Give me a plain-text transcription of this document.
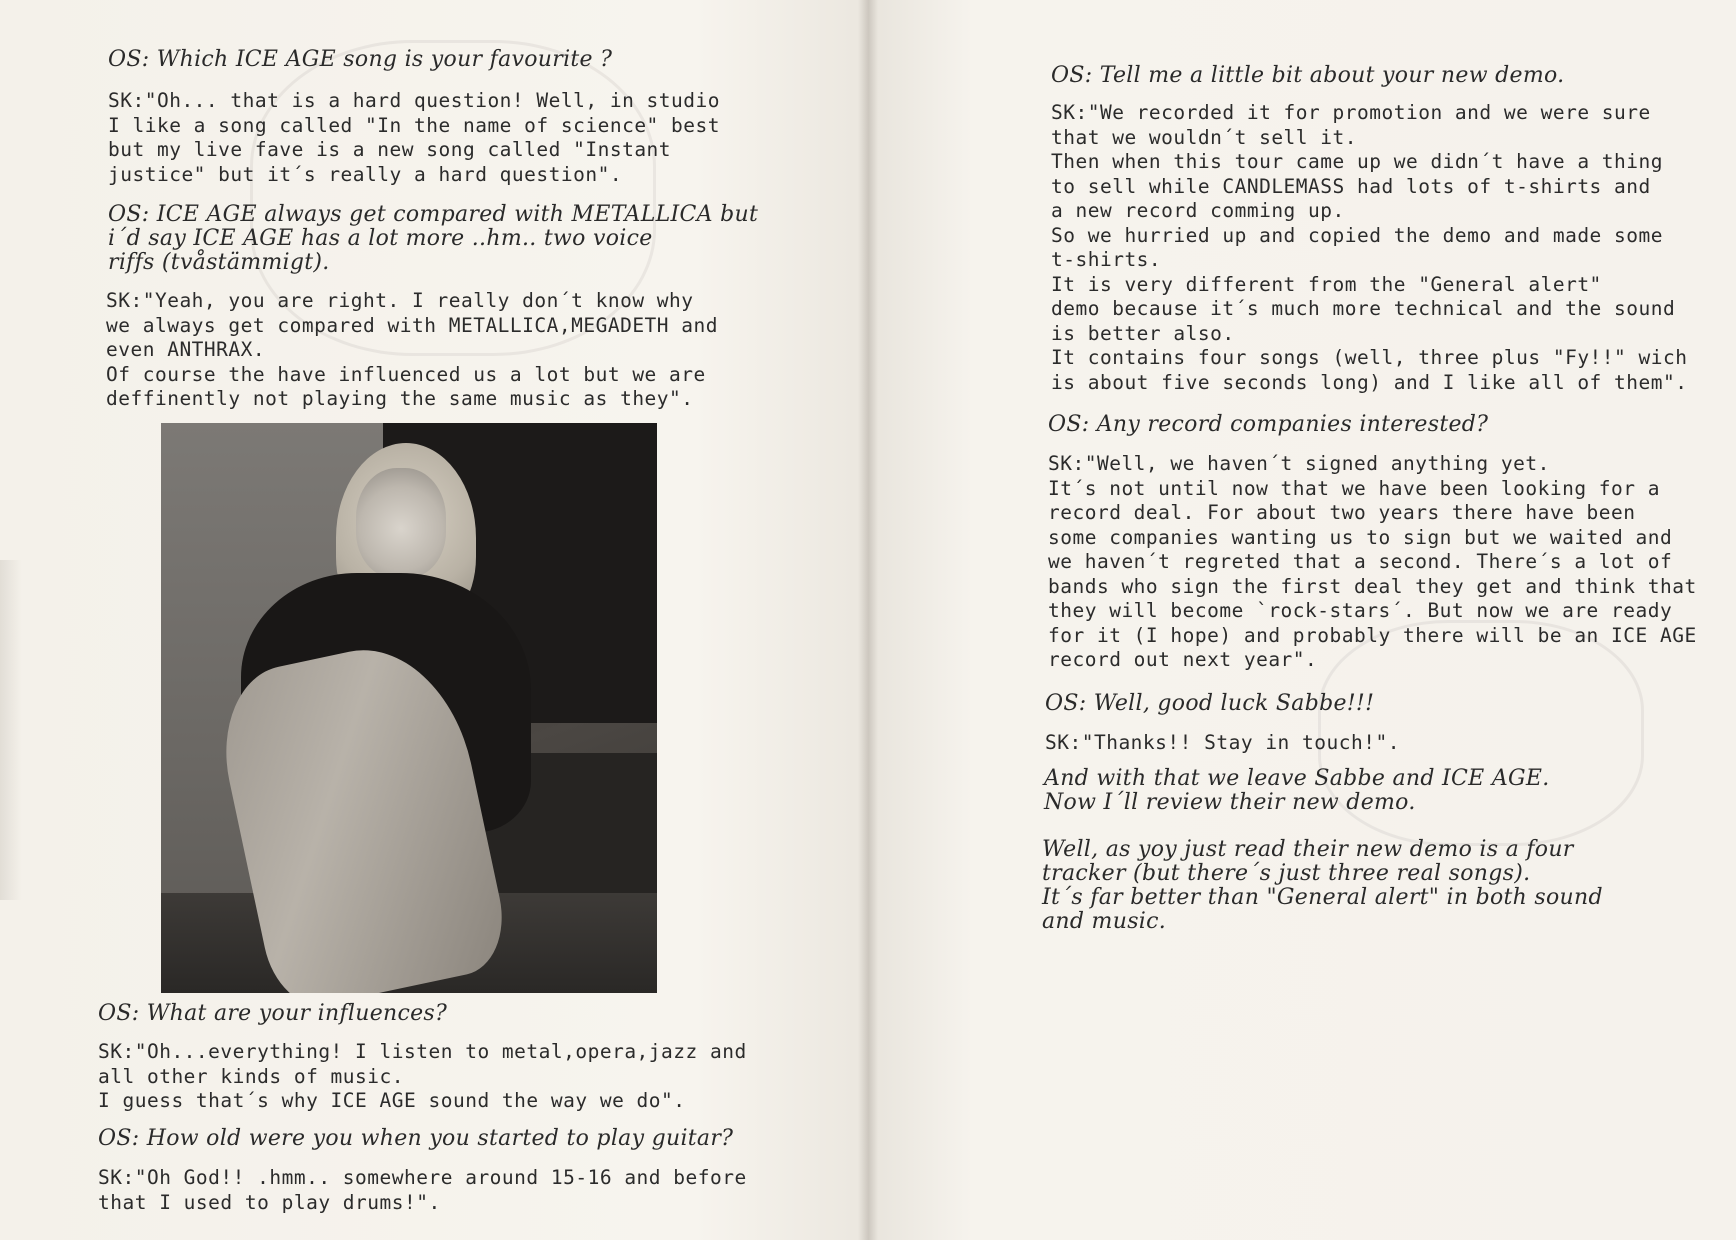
OS: Which ICE AGE song is your favourite ?
SK:"Oh... that is a hard question! Well, in studio
I like a song called "In the name of science" best
but my live fave is a new song called "Instant
justice" but it´s really a hard question".
OS: ICE AGE always get compared with METALLICA but
i´d say ICE AGE has a lot more ..hm.. two voice
riffs (tvåstämmigt).
SK:"Yeah, you are right. I really don´t know why
we always get compared with METALLICA,MEGADETH and
even ANTHRAX.
Of course the have influenced us a lot but we are
deffinently not playing the same music as they".
OS: What are your influences?
SK:"Oh...everything! I listen to metal,opera,jazz and
all other kinds of music.
I guess that´s why ICE AGE sound the way we do".
OS: How old were you when you started to play guitar?
SK:"Oh God!! .hmm.. somewhere around 15-16 and before
that I used to play drums!".
OS: Tell me a little bit about your new demo.
SK:"We recorded it for promotion and we were sure
that we wouldn´t sell it.
Then when this tour came up we didn´t have a thing
to sell while CANDLEMASS had lots of t-shirts and
a new record comming up.
So we hurried up and copied the demo and made some
t-shirts.
It is very different from the "General alert"
demo because it´s much more technical and the sound
is better also.
It contains four songs (well, three plus "Fy!!" wich
is about five seconds long) and I like all of them".
OS: Any record companies interested?
SK:"Well, we haven´t signed anything yet.
It´s not until now that we have been looking for a
record deal. For about two years there have been
some companies wanting us to sign but we waited and
we haven´t regreted that a second. There´s a lot of
bands who sign the first deal they get and think that
they will become `rock-stars´. But now we are ready
for it (I hope) and probably there will be an ICE AGE
record out next year".
OS: Well, good luck Sabbe!!!
SK:"Thanks!! Stay in touch!".
And with that we leave Sabbe and ICE AGE.
Now I´ll review their new demo.
Well, as yoy just read their new demo is a four
tracker (but there´s just three real songs).
It´s far better than "General alert" in both sound
and music.
